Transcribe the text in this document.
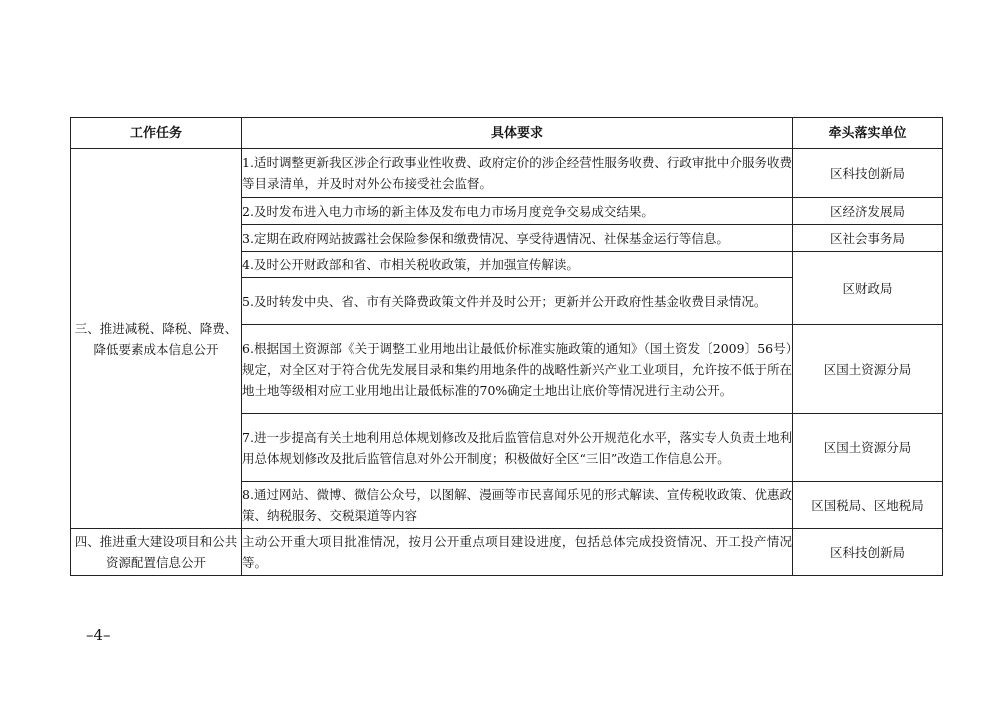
工作任务	具体要求	牵头落实单位
三、推进减税、降税、降费、降低要素成本信息公开	1.适时调整更新我区涉企行政事业性收费、政府定价的涉企经营性服务收费、行政审批中介服务收费等目录清单，并及时对外公布接受社会监督。	区科技创新局
	2.及时发布进入电力市场的新主体及发布电力市场月度竞争交易成交结果。	区经济发展局
	3.定期在政府网站披露社会保险参保和缴费情况、享受待遇情况、社保基金运行等信息。	区社会事务局
	4.及时公开财政部和省、市相关税收政策，并加强宣传解读。	区财政局
	5.及时转发中央、省、市有关降费政策文件并及时公开；更新并公开政府性基金收费目录情况。	
	6.根据国土资源部《关于调整工业用地出让最低价标准实施政策的通知》（国土资发〔2009〕56号）规定，对全区对于符合优先发展目录和集约用地条件的战略性新兴产业工业项目，允许按不低于所在地土地等级相对应工业用地出让最低标准的70%确定土地出让底价等情况进行主动公开。	区国土资源分局
	7.进一步提高有关土地利用总体规划修改及批后监管信息对外公开规范化水平，落实专人负责土地利用总体规划修改及批后监管信息对外公开制度；积极做好全区“三旧”改造工作信息公开。	区国土资源分局
	8.通过网站、微博、微信公众号，以图解、漫画等市民喜闻乐见的形式解读、宣传税收政策、优惠政策、纳税服务、交税渠道等内容	区国税局、区地税局
四、推进重大建设项目和公共资源配置信息公开	主动公开重大项目批准情况，按月公开重点项目建设进度，包括总体完成投资情况、开工投产情况等。	区科技创新局
–4–
